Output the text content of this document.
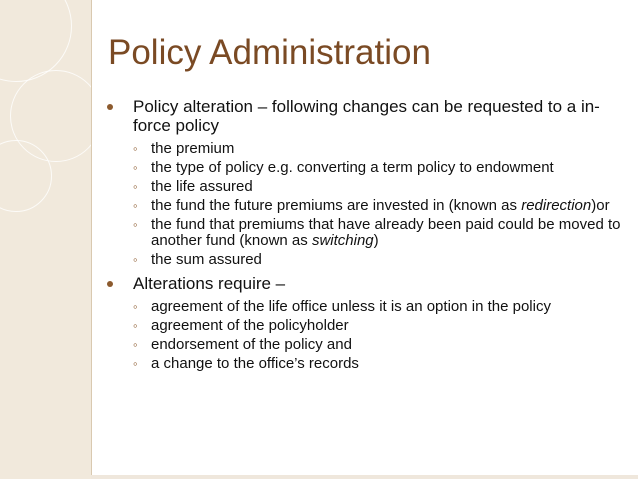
Policy Administration
Policy alteration – following changes can be requested to a in-force policy
◦ the premium
◦ the type of policy e.g. converting a term policy to endowment
◦ the life assured
◦ the fund the future premiums are invested in (known as redirection)or
◦ the fund that premiums that have already been paid could be moved to another fund (known as switching)
◦ the sum assured
Alterations require –
◦ agreement of the life office unless it is an option in the policy
◦ agreement of the policyholder
◦ endorsement of the policy and
◦ a change to the office’s records
